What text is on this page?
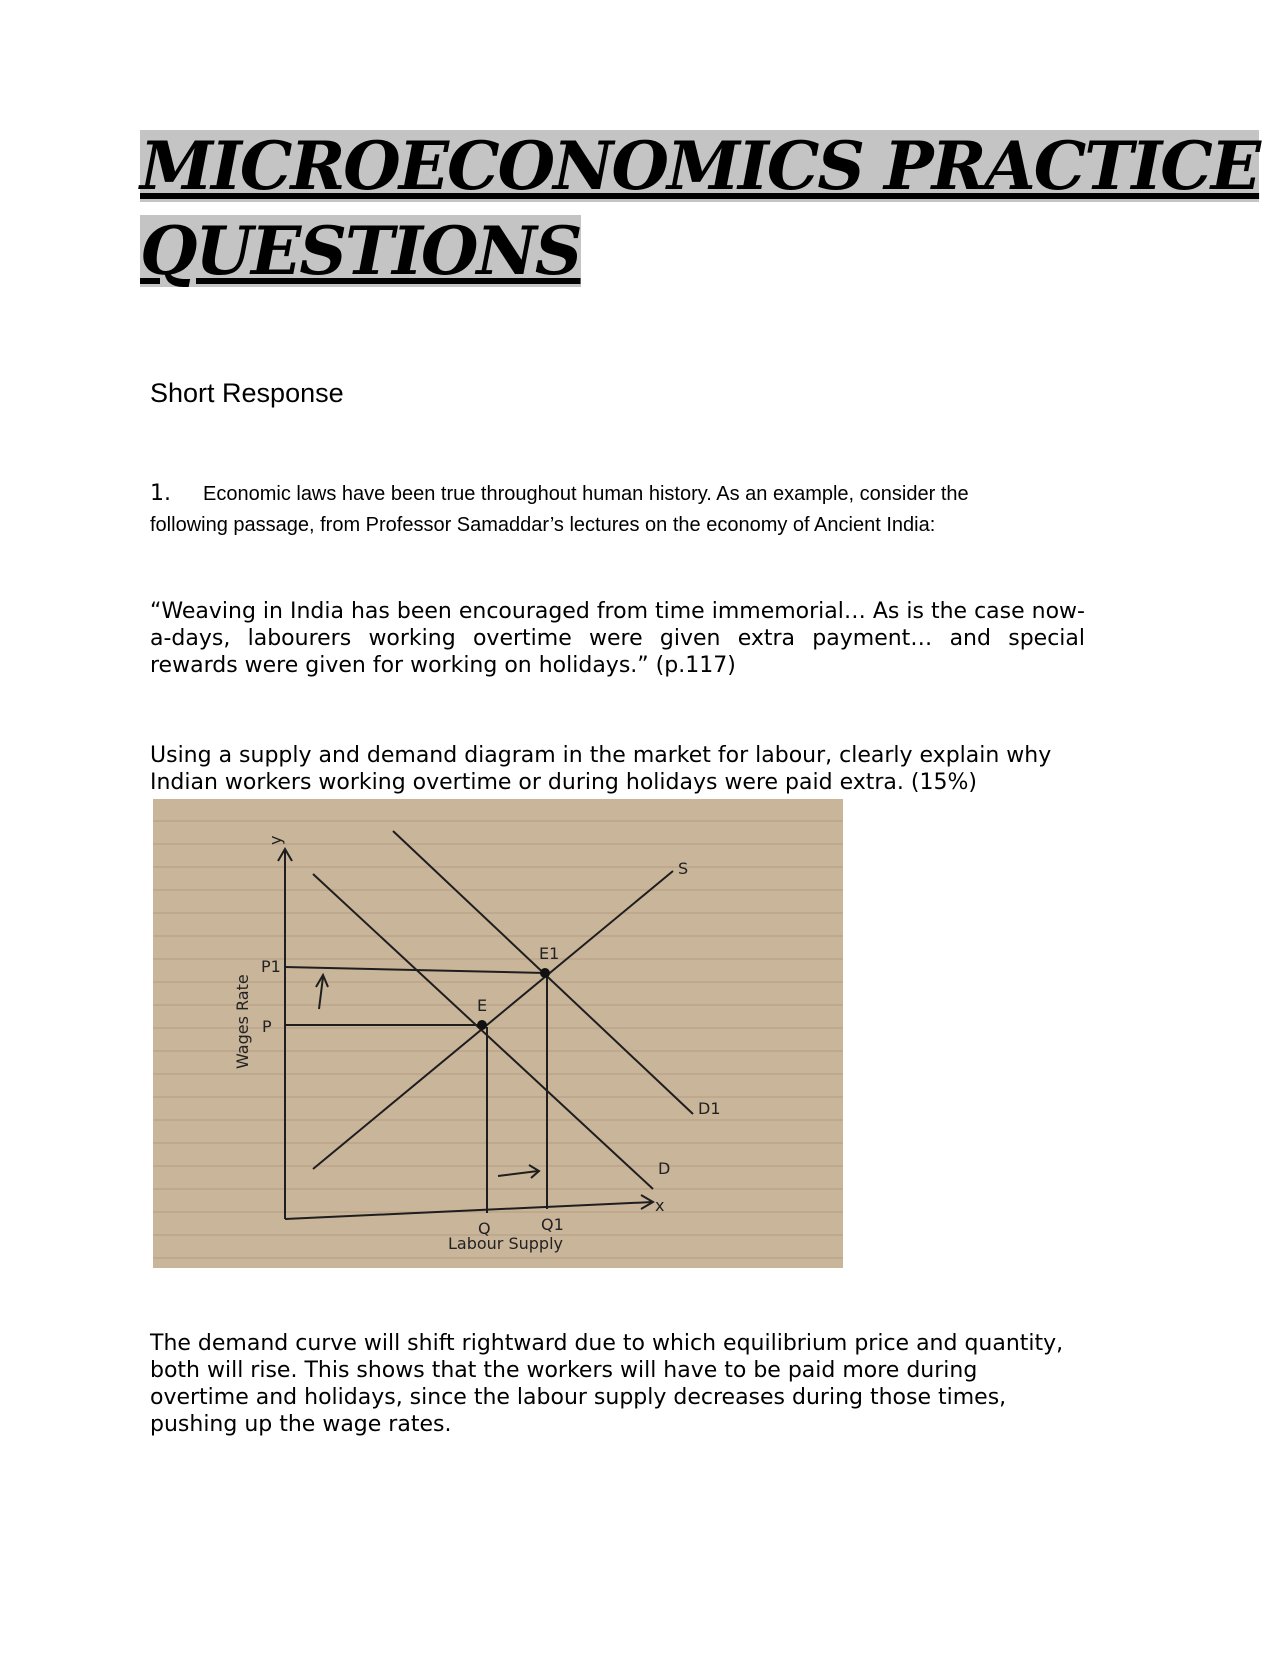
MICROECONOMICS PRACTICE
QUESTIONS
Short Response
1. Economic laws have been true throughout human history. As an example, consider the following passage, from Professor Samaddar’s lectures on the economy of Ancient India:
“Weaving in India has been encouraged from time immemorial… As is the case now-a-days, labourers working overtime were given extra payment… and special rewards were given for working on holidays.” (p.117)
Using a supply and demand diagram in the market for labour, clearly explain why Indian workers working overtime or during holidays were paid extra. (15%)
y
x
Wages Rate
Labour Supply
S
D
D1
E
E1
P
P1
Q	Q1
The demand curve will shift rightward due to which equilibrium price and quantity, both will rise. This shows that the workers will have to be paid more during overtime and holidays, since the labour supply decreases during those times, pushing up the wage rates.
